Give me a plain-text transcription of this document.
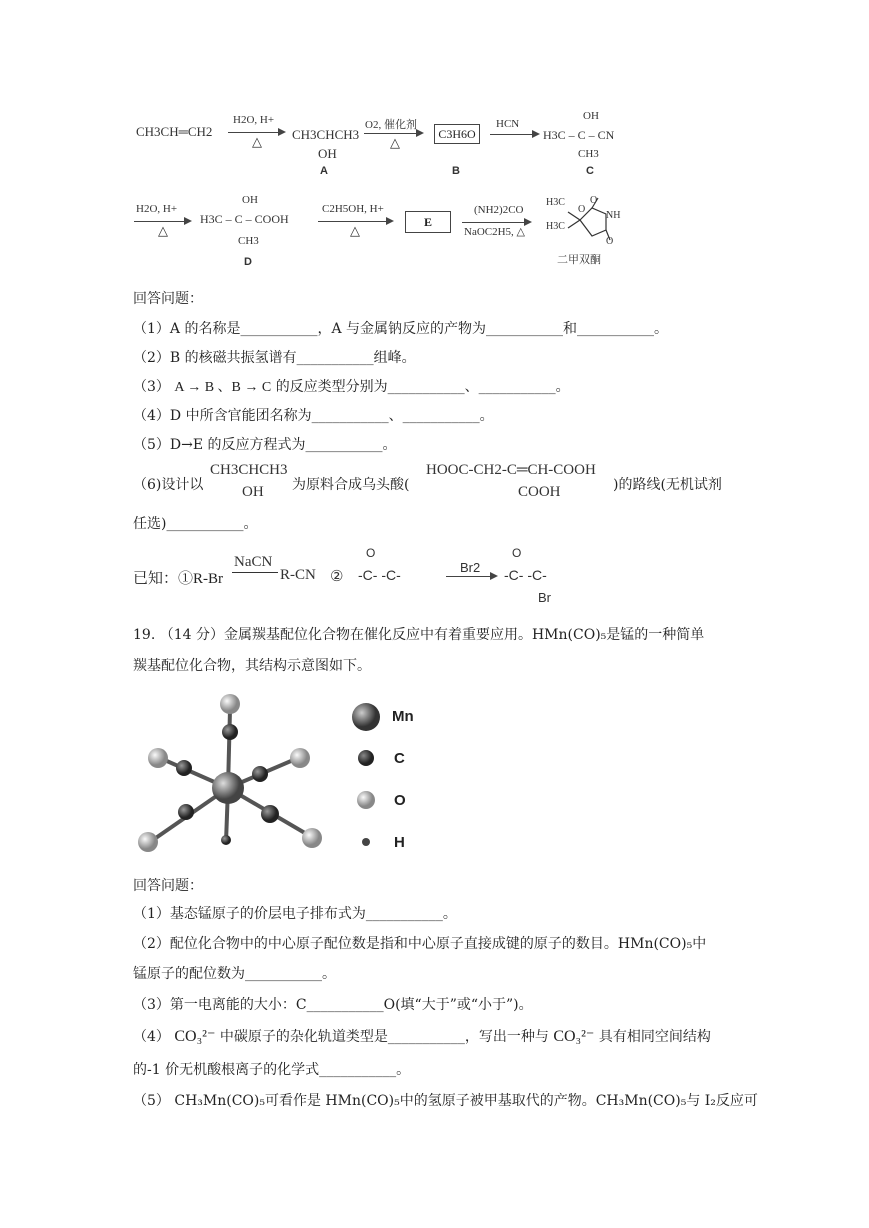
CH3CH═CH2
H2O, H+
△ CH3CHCH3
OH
A
O2, 催化剂
△
C3H6O
B
HCN
OH
H3C – C – CN
CH3
C
H2O, H+
△
OH
H3C – C – COOH
CH3
D
C2H5OH, H+
△
E
(NH2)2CO
NaOC2H5, △
H3C
H3C
O
O
NH
O
二甲双酮
回答问题：
（1）A 的名称是___________，A 与金属钠反应的产物为___________和___________。
（2）B 的核磁共振氢谱有___________组峰。
（3） A → B 、B → C 的反应类型分别为___________、___________。
（4）D 中所含官能团名称为___________、___________。
（5）D→E 的反应方程式为___________。
（6)设计以
CH3CHCH3
OH 为原料合成乌头酸(
HOOC-CH2-C═CH-COOH
COOH	)的路线(无机试剂
任选)___________。
已知：①R-Br
NaCN
R-CN ②
O
-C- -C-	Br2
O
-C- -C-
Br
19. （14 分）金属羰基配位化合物在催化反应中有着重要应用。HMn(CO)₅是锰的一种简单
羰基配位化合物，其结构示意图如下。
Mn
C
O
H
回答问题：
（1）基态锰原子的价层电子排布式为___________。
（2）配位化合物中的中心原子配位数是指和中心原子直接成键的原子的数目。HMn(CO)₅中
锰原子的配位数为___________。
（3）第一电离能的大小：C___________O(填“大于”或“小于”)。
（4） CO₃²⁻ 中碳原子的杂化轨道类型是___________，写出一种与 CO₃²⁻ 具有相同空间结构
的-1 价无机酸根离子的化学式___________。
（5） CH₃Mn(CO)₅可看作是 HMn(CO)₅中的氢原子被甲基取代的产物。CH₃Mn(CO)₅与 I₂反应可
